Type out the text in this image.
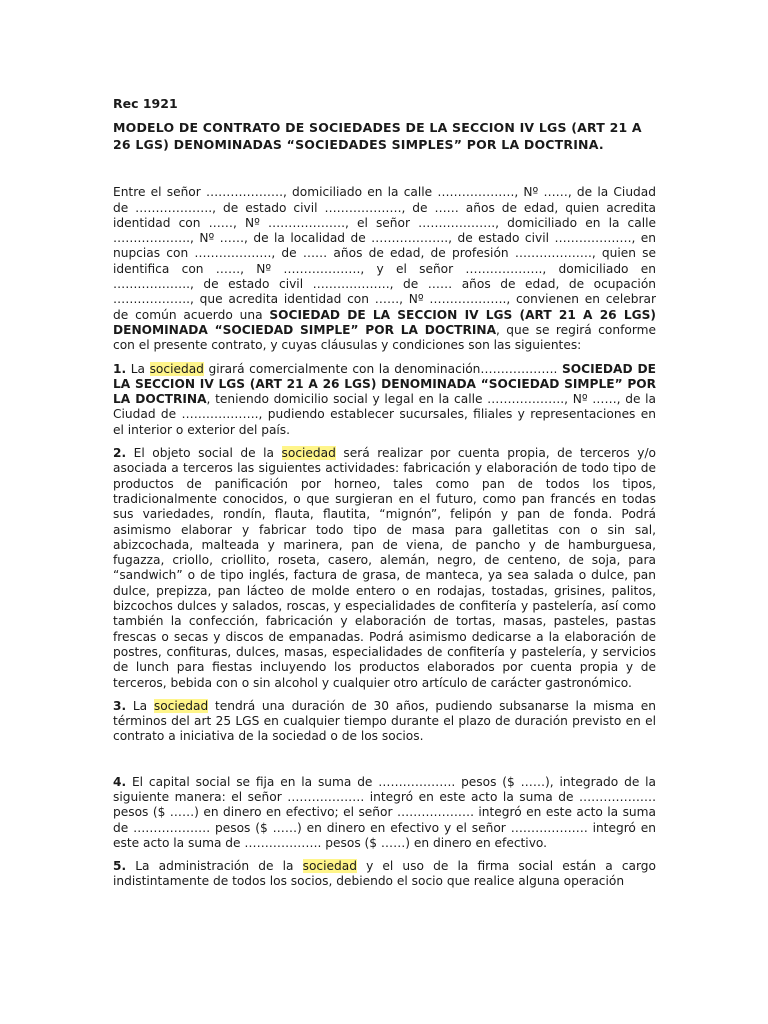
Rec 1921
MODELO DE CONTRATO DE SOCIEDADES DE LA SECCION IV LGS (ART 21 A 26 LGS) DENOMINADAS “SOCIEDADES SIMPLES” POR LA DOCTRINA.

Entre el señor ………………., domiciliado en la calle ………………., Nº ……, de la Ciudad de ………………., de estado civil ………………., de …… años de edad, quien acredita identidad con ……, Nº ………………., el señor ………………., domiciliado en la calle ………………., Nº ……, de la localidad de ………………., de estado civil ………………., en nupcias con ………………., de …… años de edad, de profesión ………………., quien se identifica con ……, Nº ………………., y el señor ………………., domiciliado en ………………., de estado civil ………………., de …… años de edad, de ocupación ………………., que acredita identidad con ……, Nº ………………., convienen en celebrar de común acuerdo una SOCIEDAD DE LA SECCION IV LGS (ART 21 A 26 LGS) DENOMINADA “SOCIEDAD SIMPLE” POR LA DOCTRINA, que se regirá conforme con el presente contrato, y cuyas cláusulas y condiciones son las siguientes:

1. La sociedad girará comercialmente con la denominación………………. SOCIEDAD DE LA SECCION IV LGS (ART 21 A 26 LGS) DENOMINADA “SOCIEDAD SIMPLE” POR LA DOCTRINA, teniendo domicilio social y legal en la calle ………………., Nº ……, de la Ciudad de ………………., pudiendo establecer sucursales, filiales y representaciones en el interior o exterior del país.

2. El objeto social de la sociedad será realizar por cuenta propia, de terceros y/o asociada a terceros las siguientes actividades: fabricación y elaboración de todo tipo de productos de panificación por horneo, tales como pan de todos los tipos, tradicionalmente conocidos, o que surgieran en el futuro, como pan francés en todas sus variedades, rondín, flauta, flautita, “mignón”, felipón y pan de fonda. Podrá asimismo elaborar y fabricar todo tipo de masa para galletitas con o sin sal, abizcochada, malteada y marinera, pan de viena, de pancho y de hamburguesa, fugazza, criollo, criollito, roseta, casero, alemán, negro, de centeno, de soja, para “sandwich” o de tipo inglés, factura de grasa, de manteca, ya sea salada o dulce, pan dulce, prepizza, pan lácteo de molde entero o en rodajas, tostadas, grisines, palitos, bizcochos dulces y salados, roscas, y especialidades de confitería y pastelería, así como también la confección, fabricación y elaboración de tortas, masas, pasteles, pastas frescas o secas y discos de empanadas. Podrá asimismo dedicarse a la elaboración de postres, confituras, dulces, masas, especialidades de confitería y pastelería, y servicios de lunch para fiestas incluyendo los productos elaborados por cuenta propia y de terceros, bebida con o sin alcohol y cualquier otro artículo de carácter gastronómico.

3. La sociedad tendrá una duración de 30 años, pudiendo subsanarse la misma en términos del art 25 LGS en cualquier tiempo durante el plazo de duración previsto en el contrato a iniciativa de la sociedad o de los socios.

4. El capital social se fija en la suma de ………………. pesos ($ ……), integrado de la siguiente manera: el señor ………………. integró en este acto la suma de ………………. pesos ($ ……) en dinero en efectivo; el señor ………………. integró en este acto la suma de ………………. pesos ($ ……) en dinero en efectivo y el señor ………………. integró en este acto la suma de ………………. pesos ($ ……) en dinero en efectivo.

5. La administración de la sociedad y el uso de la firma social están a cargo indistintamente de todos los socios, debiendo el socio que realice alguna operación
